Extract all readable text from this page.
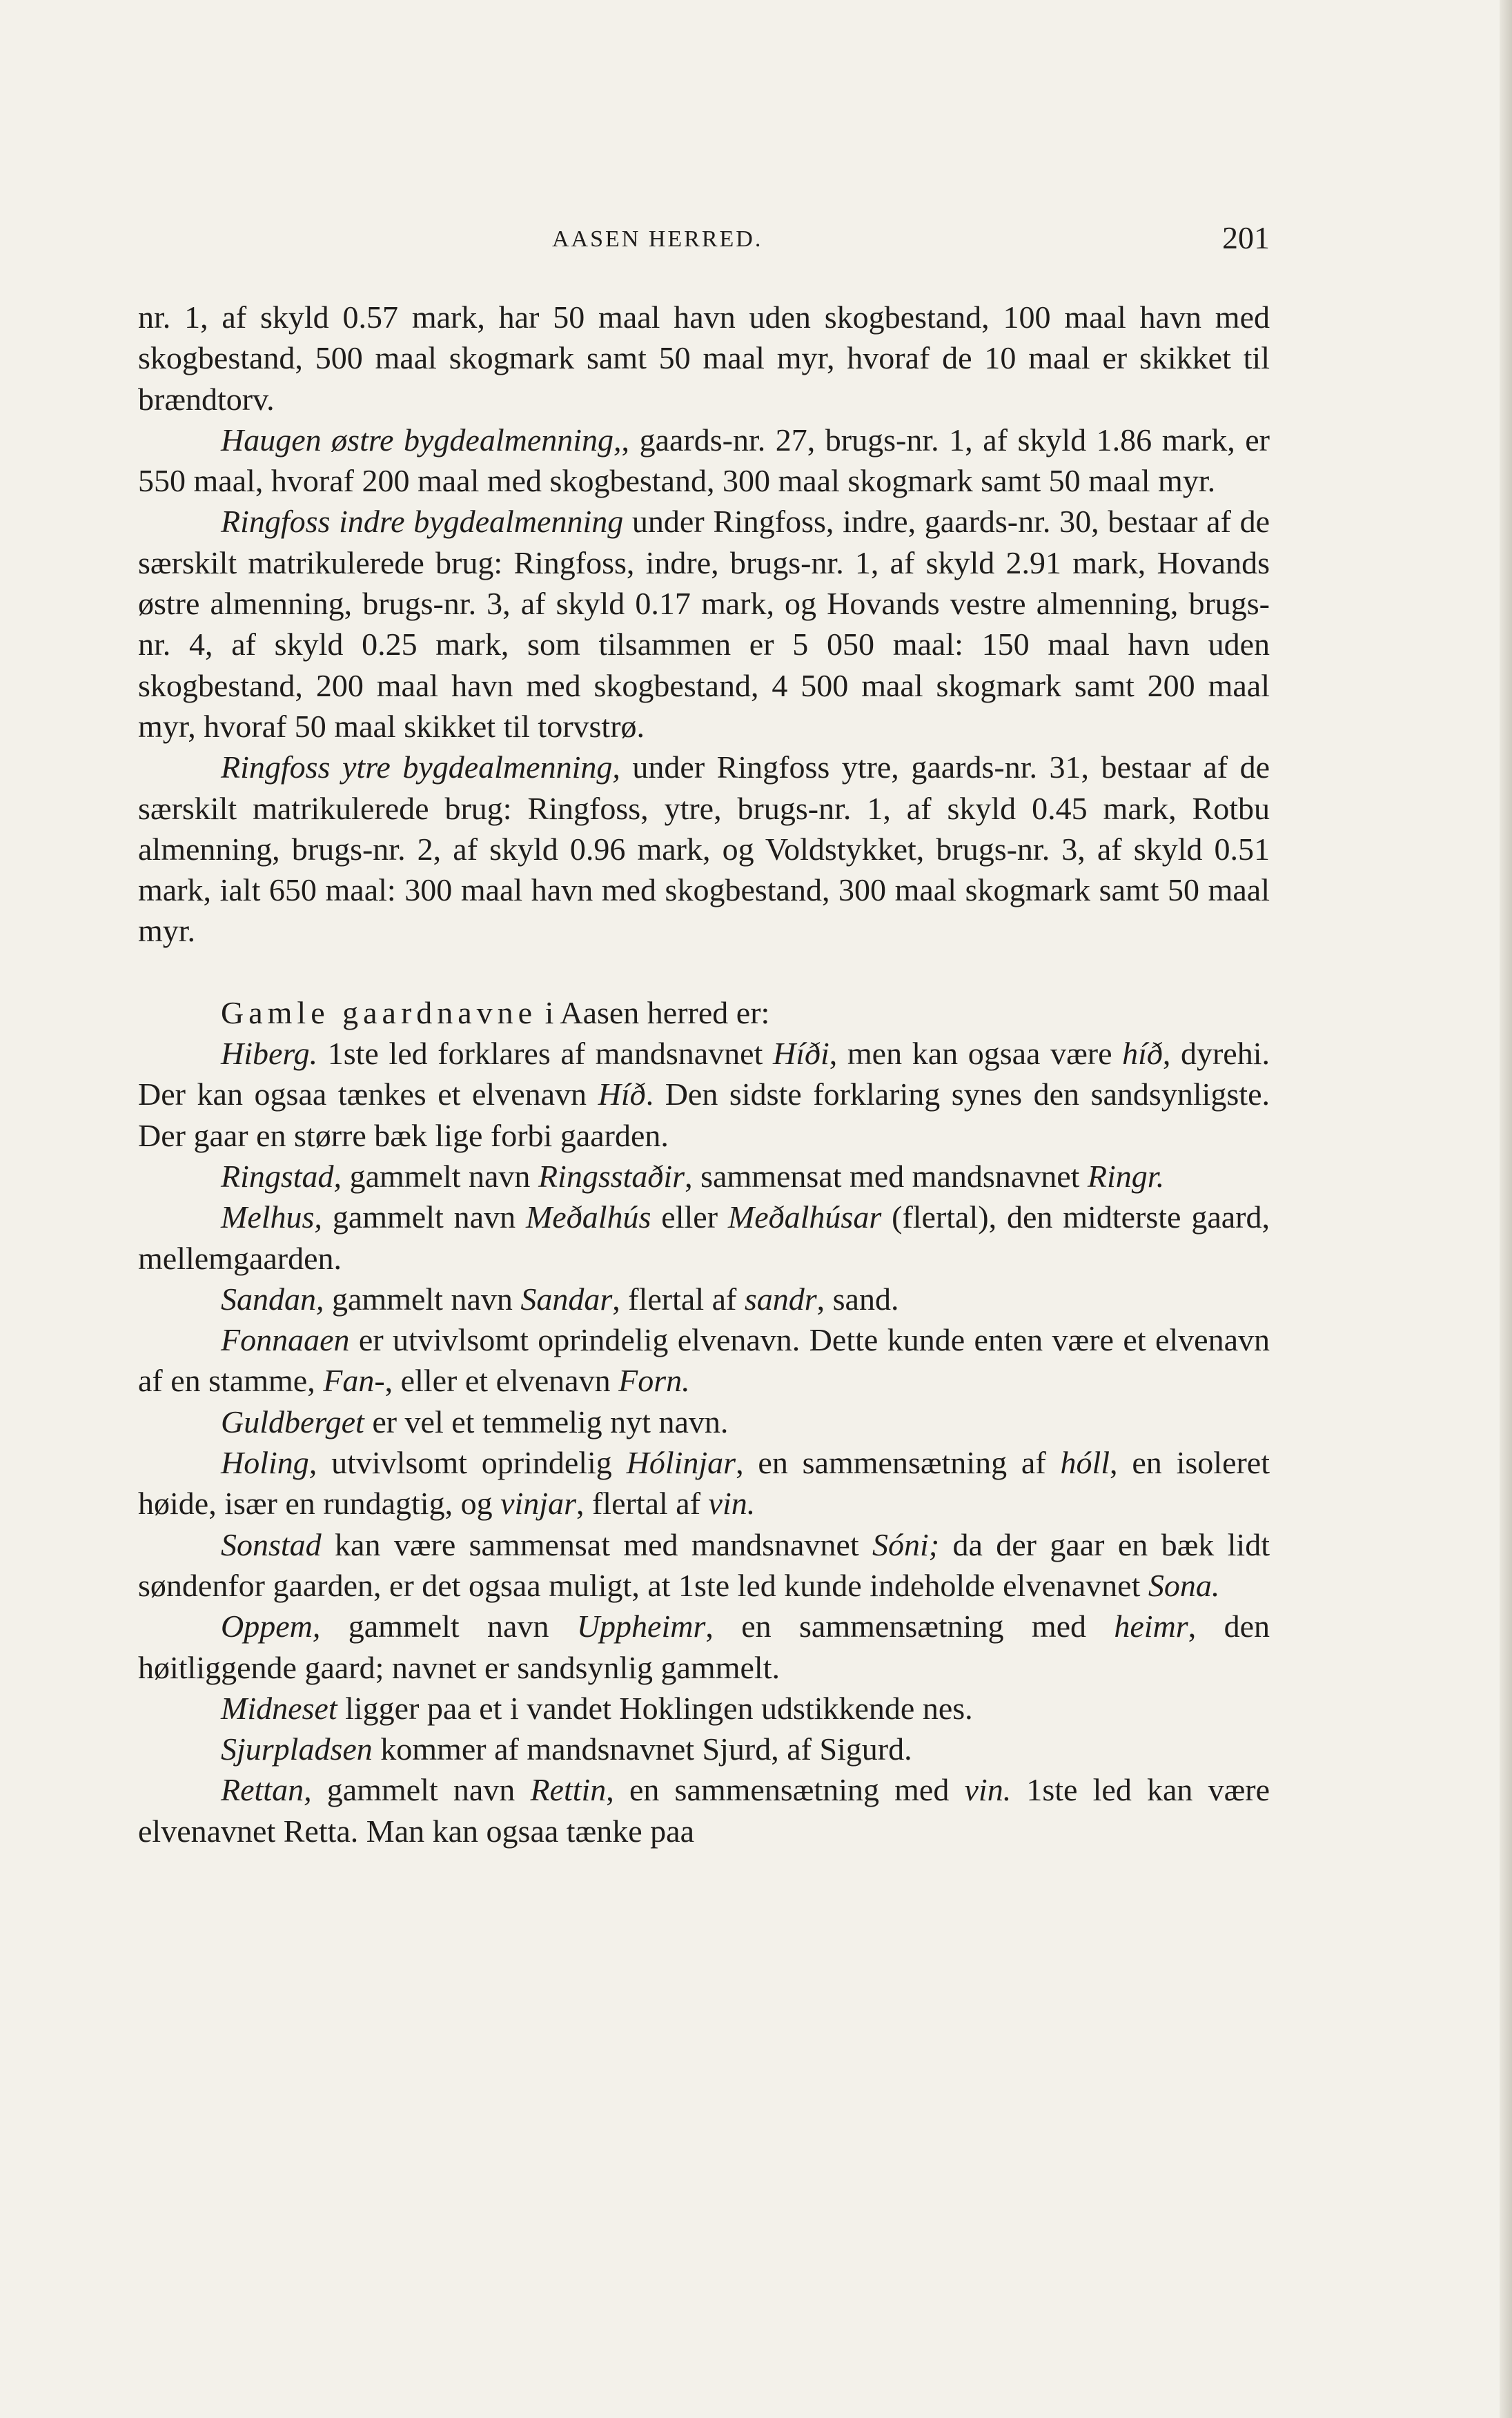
AASEN HERRED.	201

nr. 1, af skyld 0.57 mark, har 50 maal havn uden skogbestand, 100 maal havn med skogbestand, 500 maal skogmark samt 50 maal myr, hvoraf de 10 maal er skikket til brændtorv.

Haugen østre bygdealmenning,, gaards-nr. 27, brugs-nr. 1, af skyld 1.86 mark, er 550 maal, hvoraf 200 maal med skogbestand, 300 maal skogmark samt 50 maal myr.

Ringfoss indre bygdealmenning under Ringfoss, indre, gaards-nr. 30, bestaar af de særskilt matrikulerede brug: Ringfoss, indre, brugs-nr. 1, af skyld 2.91 mark, Hovands østre almenning, brugs-nr. 3, af skyld 0.17 mark, og Hovands vestre almenning, brugs-nr. 4, af skyld 0.25 mark, som tilsammen er 5 050 maal: 150 maal havn uden skogbestand, 200 maal havn med skogbestand, 4 500 maal skogmark samt 200 maal myr, hvoraf 50 maal skikket til torvstrø.

Ringfoss ytre bygdealmenning, under Ringfoss ytre, gaards-nr. 31, bestaar af de særskilt matrikulerede brug: Ringfoss, ytre, brugs-nr. 1, af skyld 0.45 mark, Rotbu almenning, brugs-nr. 2, af skyld 0.96 mark, og Voldstykket, brugs-nr. 3, af skyld 0.51 mark, ialt 650 maal: 300 maal havn med skogbestand, 300 maal skogmark samt 50 maal myr.

Gamle gaardnavne i Aasen herred er:

Hiberg. 1ste led forklares af mandsnavnet Híði, men kan ogsaa være híð, dyrehi. Der kan ogsaa tænkes et elvenavn Híð. Den sidste forklaring synes den sandsynligste. Der gaar en større bæk lige forbi gaarden.

Ringstad, gammelt navn Ringsstaðir, sammensat med mandsnavnet Ringr.

Melhus, gammelt navn Meðalhús eller Meðalhúsar (flertal), den midterste gaard, mellemgaarden.

Sandan, gammelt navn Sandar, flertal af sandr, sand.

Fonnaaen er utvivlsomt oprindelig elvenavn. Dette kunde enten være et elvenavn af en stamme, Fan-, eller et elvenavn Forn.

Guldberget er vel et temmelig nyt navn.

Holing, utvivlsomt oprindelig Hólinjar, en sammensætning af hóll, en isoleret høide, især en rundagtig, og vinjar, flertal af vin.

Sonstad kan være sammensat med mandsnavnet Sóni; da der gaar en bæk lidt søndenfor gaarden, er det ogsaa muligt, at 1ste led kunde indeholde elvenavnet Sona.

Oppem, gammelt navn Uppheimr, en sammensætning med heimr, den høitliggende gaard; navnet er sandsynlig gammelt.

Midneset ligger paa et i vandet Hoklingen udstikkende nes.

Sjurpladsen kommer af mandsnavnet Sjurd, af Sigurd.

Rettan, gammelt navn Rettin, en sammensætning med vin. 1ste led kan være elvenavnet Retta. Man kan ogsaa tænke paa
